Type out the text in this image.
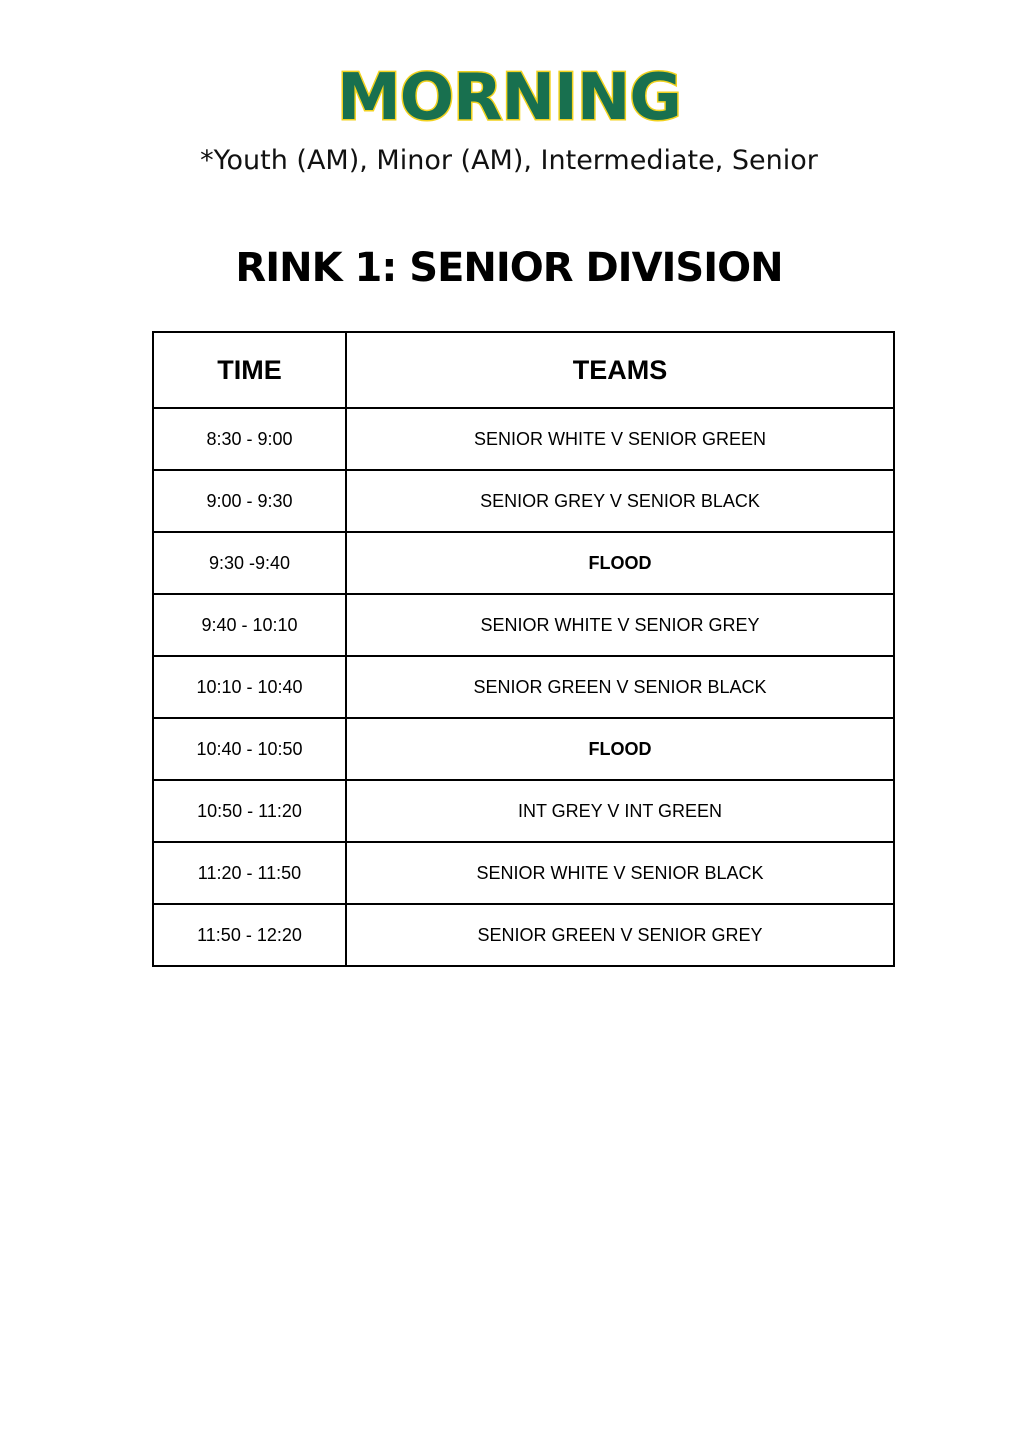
MORNING
*Youth (AM), Minor (AM), Intermediate, Senior
RINK 1: SENIOR DIVISION
TIME	TEAMS
8:30 - 9:00	SENIOR WHITE V SENIOR GREEN
9:00 - 9:30	SENIOR GREY V SENIOR BLACK
9:30 -9:40	FLOOD
9:40 - 10:10	SENIOR WHITE V SENIOR GREY
10:10 - 10:40	SENIOR GREEN V SENIOR BLACK
10:40 - 10:50	FLOOD
10:50 - 11:20	INT GREY V INT GREEN
11:20 - 11:50	SENIOR WHITE V SENIOR BLACK
11:50 - 12:20	SENIOR GREEN V SENIOR GREY
